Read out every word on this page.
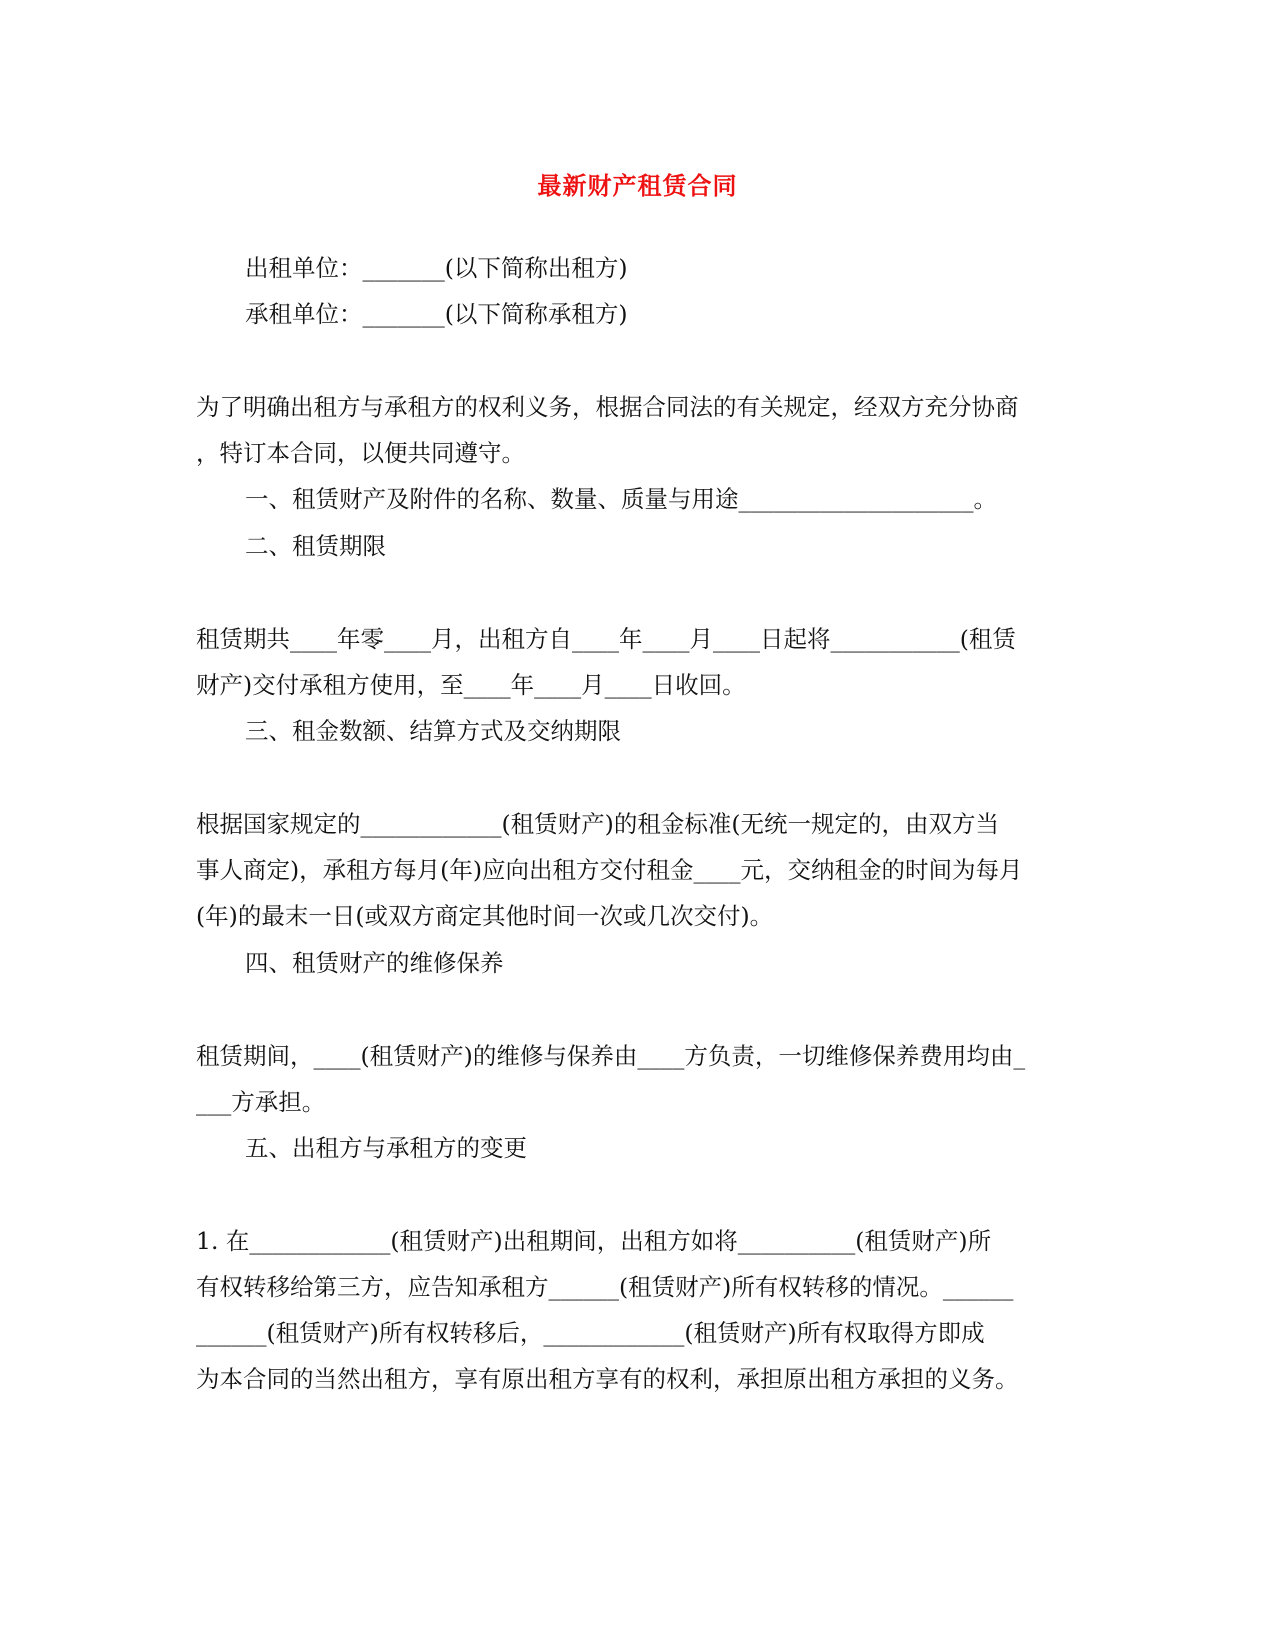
最新财产租赁合同
出租单位：_______(以下简称出租方)
承租单位：_______(以下简称承租方)
为了明确出租方与承租方的权利义务，根据合同法的有关规定，经双方充分协商
，特订本合同，以便共同遵守。
一、租赁财产及附件的名称、数量、质量与用途____________________。
二、租赁期限
租赁期共____年零____月，出租方自____年____月____日起将___________(租赁
财产)交付承租方使用，至____年____月____日收回。
三、租金数额、结算方式及交纳期限
根据国家规定的____________(租赁财产)的租金标准(无统一规定的，由双方当
事人商定)，承租方每月(年)应向出租方交付租金____元，交纳租金的时间为每月
(年)的最末一日(或双方商定其他时间一次或几次交付)。
四、租赁财产的维修保养
租赁期间，____(租赁财产)的维修与保养由____方负责，一切维修保养费用均由_
___方承担。
五、出租方与承租方的变更
1. 在____________(租赁财产)出租期间，出租方如将__________(租赁财产)所
有权转移给第三方，应告知承租方______(租赁财产)所有权转移的情况。______
______(租赁财产)所有权转移后，____________(租赁财产)所有权取得方即成
为本合同的当然出租方，享有原出租方享有的权利，承担原出租方承担的义务。
